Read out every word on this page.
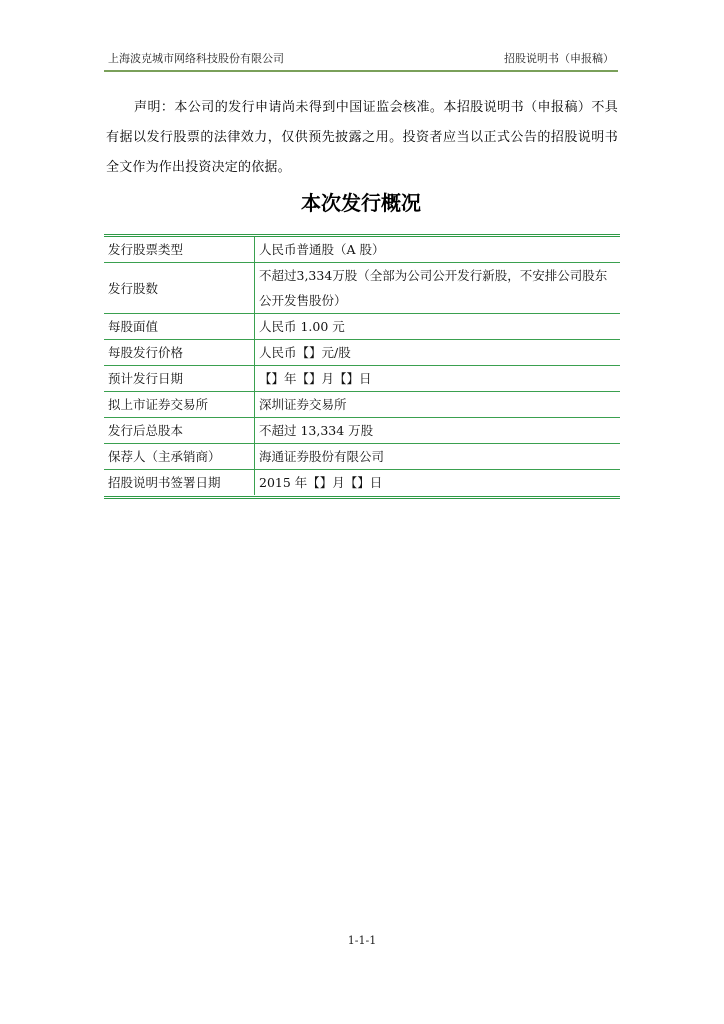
上海波克城市网络科技股份有限公司	招股说明书（申报稿）

声明：本公司的发行申请尚未得到中国证监会核准。本招股说明书（申报稿）不具有据以发行股票的法律效力，仅供预先披露之用。投资者应当以正式公告的招股说明书全文作为作出投资决定的依据。

本次发行概况
发行股票类型	人民币普通股（A 股）
发行股数	不超过3,334万股（全部为公司公开发行新股，不安排公司股东公开发售股份）
每股面值	人民币 1.00 元
每股发行价格	人民币【】元/股
预计发行日期	【】年【】月【】日
拟上市证券交易所	深圳证券交易所
发行后总股本	不超过 13,334 万股
保荐人（主承销商）	海通证券股份有限公司
招股说明书签署日期	2015 年【】月【】日
1-1-1
